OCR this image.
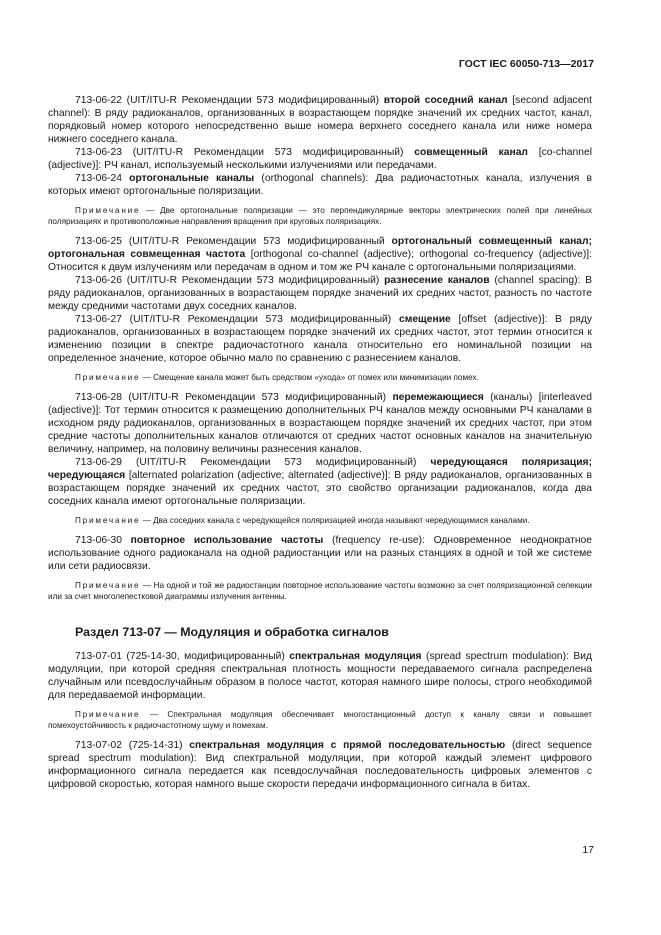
ГОСТ IEC 60050-713—2017

713-06-22 (UIT/ITU-R Рекомендации 573 модифицированный) второй соседний канал [second adjacent channel): В ряду радиоканалов, организованных в возрастающем порядке значений их средних частот, канал, порядковый номер которого непосредственно выше номера верхнего соседнего канала или ниже номера нижнего соседнего канала.

713-06-23 (UIT/ITU-R Рекомендации 573 модифицированный) совмещенный канал [co-channel (adjective)]: РЧ канал, используемый несколькими излучениями или передачами.

713-06-24 ортогональные каналы (orthogonal channels): Два радиочастотных канала, излучения в которых имеют ортогональные поляризации.

Примечание — Две ортогональные поляризации — это перпендикулярные векторы электрических полей при линейных поляризациях и противоположные направления вращения при круговых поляризациях.

713-06-25 (UIT/ITU-R Рекомендации 573 модифицированный ортогональный совмещенный канал; ортогональная совмещенная частота [orthogonal co-channel (adjective); orthogonal co-frequency (adjective)]: Относится к двум излучениям или передачам в одном и том же РЧ канале с ортогональными поляризациями.

713-06-26 (UIT/ITU-R Рекомендации 573 модифицированный) разнесение каналов (channel spacing): В ряду радиоканалов, организованных в возрастающем порядке значений их средних частот, разность по частоте между средними частотами двух соседних каналов.

713-06-27 (UIT/ITU-R Рекомендации 573 модифицированный) смещение [offset (adjective)]: В ряду радиоканалов, организованных в возрастающем порядке значений их средних частот, этот термин относится к изменению позиции в спектре радиочастотного канала относительно его номинальной позиции на определенное значение, которое обычно мало по сравнению с разнесением каналов.

Примечание — Смещение канала может быть средством «ухода» от помех или минимизации помех.

713-06-28 (UIT/ITU-R Рекомендации 573 модифицированный) перемежающиеся (каналы) [interleaved (adjective)]: Тот термин относится к размещению дополнительных РЧ каналов между основными РЧ каналами в исходном ряду радиоканалов, организованных в возрастающем порядке значений их средних частот, при этом средние частоты дополнительных каналов отличаются от средних частот основных каналов на значительную величину, например, на половину величины разнесения каналов.

713-06-29 (UIT/ITU-R Рекомендации 573 модифицированный) чередующаяся поляризация; чередующаяся [alternated polarization (adjective; alternated (adjective)]: В ряду радиоканалов, организованных в возрастающем порядке значений их средних частот, это свойство организации радиоканалов, когда два соседних канала имеют ортогональные поляризации.

Примечание — Два соседних канала с чередующейся поляризацией иногда называют чередующимися каналами.

713-06-30 повторное использование частоты (frequency re-use): Одновременное неоднократное использование одного радиоканала на одной радиостанции или на разных станциях в одной и той же системе или сети радиосвязи.

Примечание — На одной и той же радиостанции повторное использование частоты возможно за счет поляризационной селекции или за счет многолепестковой диаграммы излучения антенны.

Раздел 713-07 — Модуляция и обработка сигналов

713-07-01 (725-14-30, модифицированный) спектральная модуляция (spread spectrum modulation): Вид модуляции, при которой средняя спектральная плотность мощности передаваемого сигнала распределена случайным или псевдослучайным образом в полосе частот, которая намного шире полосы, строго необходимой для передаваемой информации.

Примечание — Спектральная модуляция обеспечивает многостанционный доступ к каналу связи и повышает помехоустойчивость к радиочастотному шуму и помехам.

713-07-02 (725-14-31) спектральная модуляция с прямой последовательностью (direct sequence spread spectrum modulation): Вид спектральной модуляции, при которой каждый элемент цифрового информационного сигнала передается как псевдослучайная последовательность цифровых элементов с цифровой скоростью, которая намного выше скорости передачи информационного сигнала в битах.

17
